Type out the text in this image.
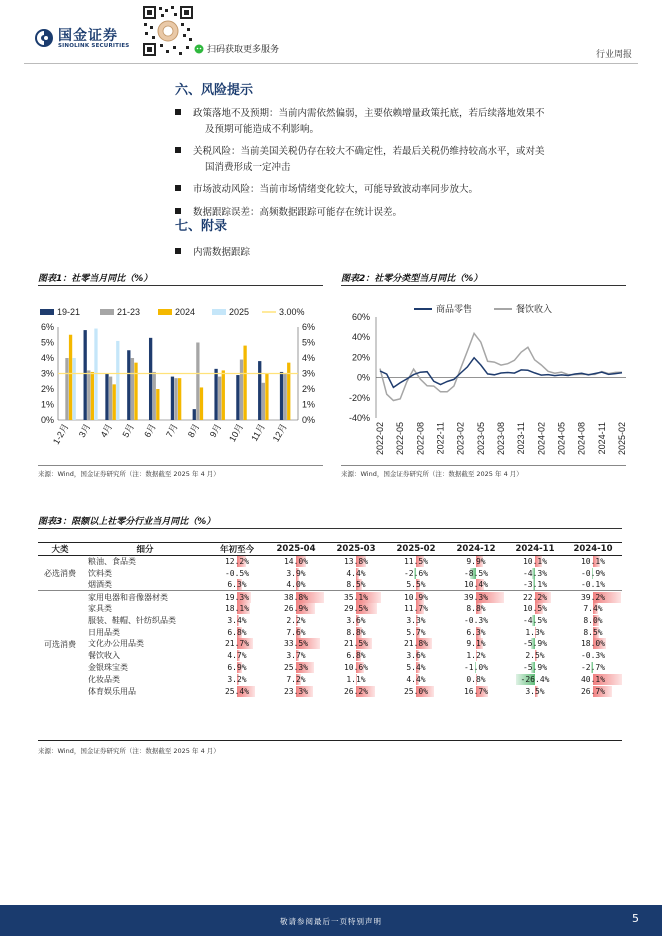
国金证券
SINOLINK SECURITIES	扫码获取更多服务	行业周报
六、风险提示
政策落地不及预期：当前内需依然偏弱，主要依赖增量政策托底，若后续落地效果不
及预期可能造成不利影响。
关税风险：当前美国关税仍存在较大不确定性，若最后关税仍维持较高水平，或对美
国消费形成一定冲击
市场波动风险：当前市场情绪变化较大，可能导致波动率同步放大。
数据跟踪误差：高频数据跟踪可能存在统计误差。
七、附录
内需数据跟踪
图表1：社零当月同比（%）
19-21	21-23	2024	2025	3.00%
0%
1%
2%
3%
4%
5%
6%
0%
1%
2%
3%
4%
5%
6%
1-2月 3月 4月 5月 6月 7月 8月 9月 10月 11月 12月
来源：Wind，国金证券研究所（注：数据截至 2025 年 4 月）
图表2：社零分类型当月同比（%）
商品零售	餐饮收入
-40%
-20%
0%
20%
40%
60%
2022-02 2022-05 2022-08 2022-11 2023-02 2023-05 2023-08 2023-11 2024-02 2024-05 2024-08 2024-11 2025-02
来源：Wind，国金证券研究所（注：数据截至 2025 年 4 月）
图表3：限额以上社零分行业当月同比（%）
大类	细分	年初至今	2025-04	2025-03	2025-02	2024-12	2024-11	2024-10
必选消费	粮油、食品类	12.2%	14.0%	13.8%	11.5%	9.9%	10.1%	10.1%

	饮料类	-0.5%	3.9%	4.4%	-2.6%	-8.5%	-4.3%	-0.9%

	烟酒类	6.3%	4.0%	8.5%	5.5%	10.4%	-3.1%	-0.1%

可选消费	家用电器和音像器材类	19.3%	38.8%	35.1%	10.9%	39.3%	22.2%	39.2%

	家具类	18.1%	26.9%	29.5%	11.7%	8.8%	10.5%	7.4%

	服装、鞋帽、针纺织品类	3.4%	2.2%	3.6%	3.3%	-0.3%	-4.5%	8.0%

	日用品类	6.8%	7.6%	8.8%	5.7%	6.3%	1.3%	8.5%

	文化办公用品类	21.7%	33.5%	21.5%	21.8%	9.1%	-5.9%	18.0%

	餐饮收入	4.7%	3.7%	6.8%	3.6%	1.2%	2.5%	-0.3%

	金银珠宝类	6.9%	25.3%	10.6%	5.4%	-1.0%	-5.9%	-2.7%

	化妆品类	3.2%	7.2%	1.1%	4.4%	0.8%	-26.4%	40.1%

	体育娱乐用品	25.4%	23.3%	26.2%	25.0%	16.7%	3.5%	26.7%
来源：Wind，国金证券研究所（注：数据截至 2025 年 4 月）
敬请参阅最后一页特别声明	5
